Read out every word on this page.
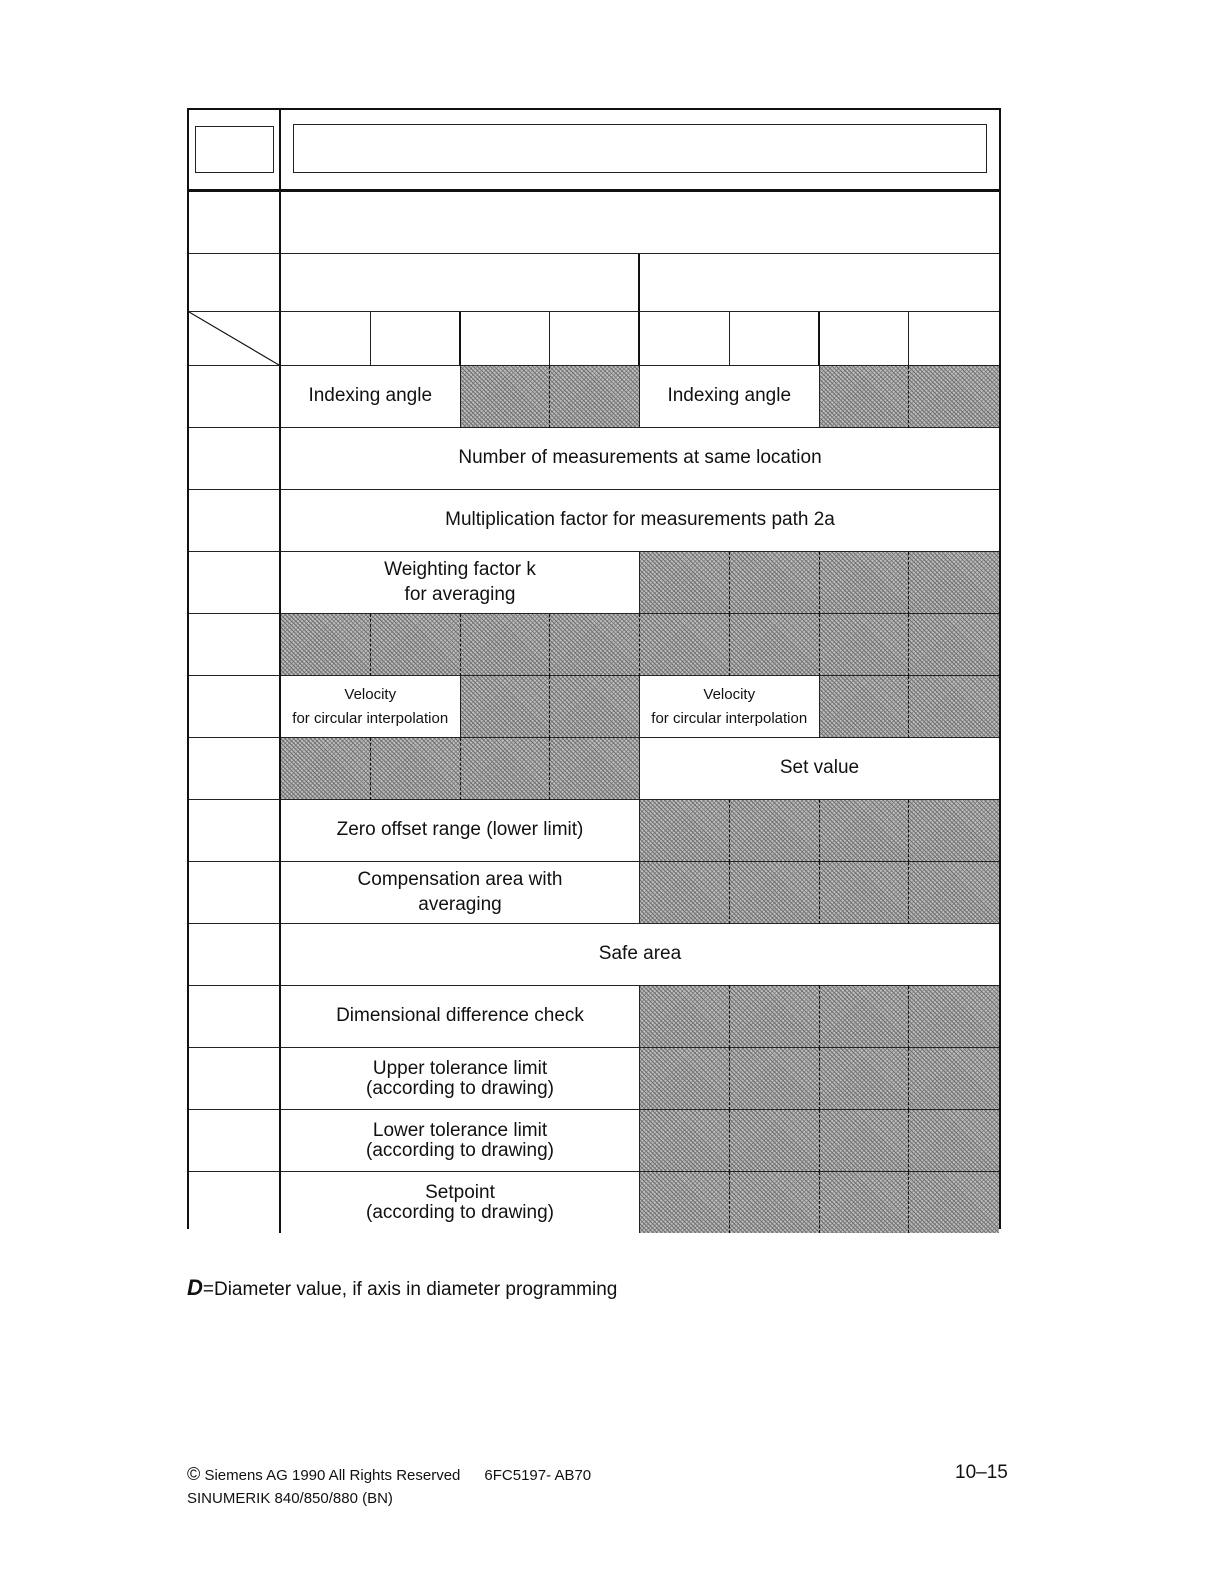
Indexing angle	Indexing angle
Number of measurements at same location
Multiplication factor for measurements path 2a
Weighting factor k
for averaging
Velocity
for circular interpolation
Velocity
for circular interpolation
Set value
Zero offset range (lower limit)
Compensation area with
averaging
Safe area
Dimensional difference check
Upper tolerance limit
(according to drawing)
Lower tolerance limit
(according to drawing)
Setpoint
(according to drawing)
D=Diameter value, if axis in diameter programming
© Siemens AG 1990 All Rights Reserved 6FC5197- AB70
SINUMERIK 840/850/880 (BN)
10–15
